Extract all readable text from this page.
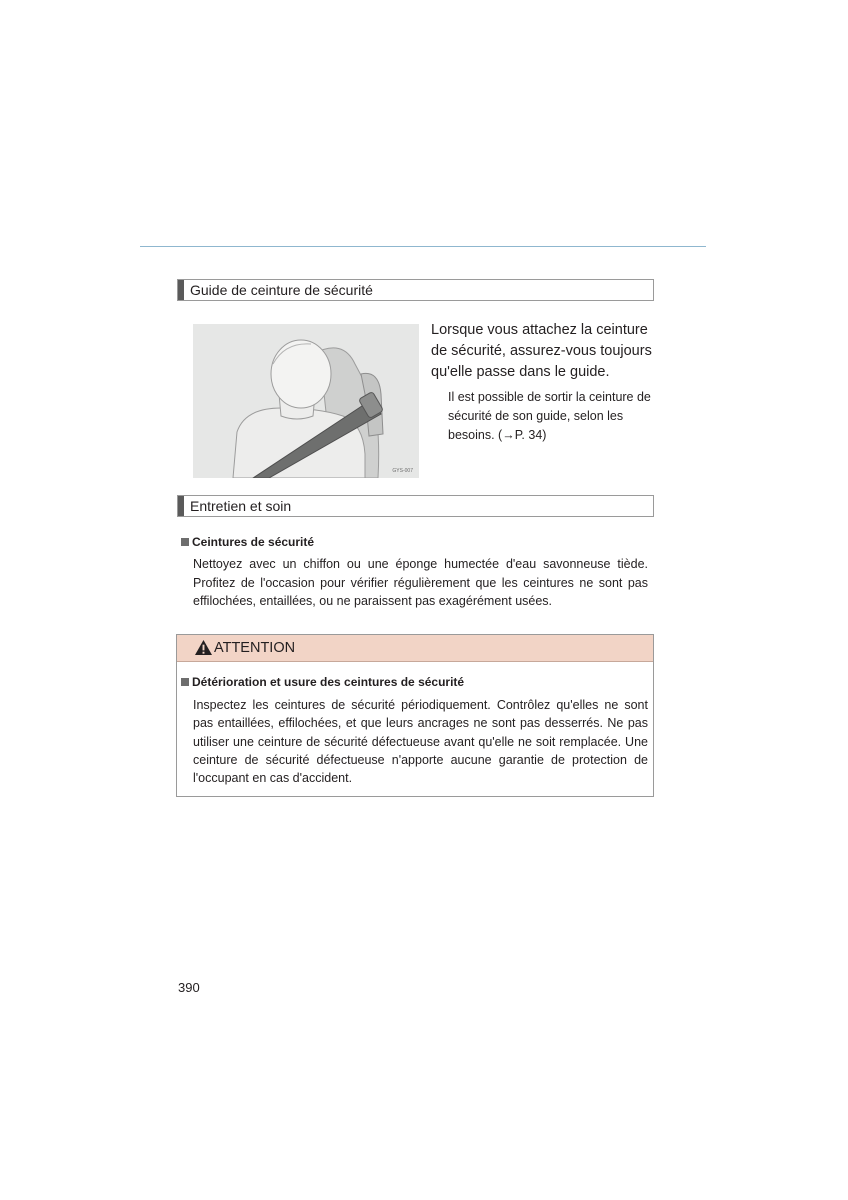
Guide de ceinture de sécurité
GYS-007
Lorsque vous attachez la ceinture de sécurité, assurez-vous toujours qu'elle passe dans le guide.
Il est possible de sortir la ceinture de sécurité de son guide, selon les besoins. (→P. 34)
Entretien et soin
Ceintures de sécurité
Nettoyez avec un chiffon ou une éponge humectée d'eau savonneuse tiède. Profitez de l'occasion pour vérifier régulièrement que les ceintures ne sont pas effilochées, entaillées, ou ne paraissent pas exagérément usées.
ATTENTION
Détérioration et usure des ceintures de sécurité
Inspectez les ceintures de sécurité périodiquement. Contrôlez qu'elles ne sont pas entaillées, effilochées, et que leurs ancrages ne sont pas desserrés. Ne pas utiliser une ceinture de sécurité défectueuse avant qu'elle ne soit remplacée. Une ceinture de sécurité défectueuse n'apporte aucune garantie de protection de l'occupant en cas d'accident.
390
